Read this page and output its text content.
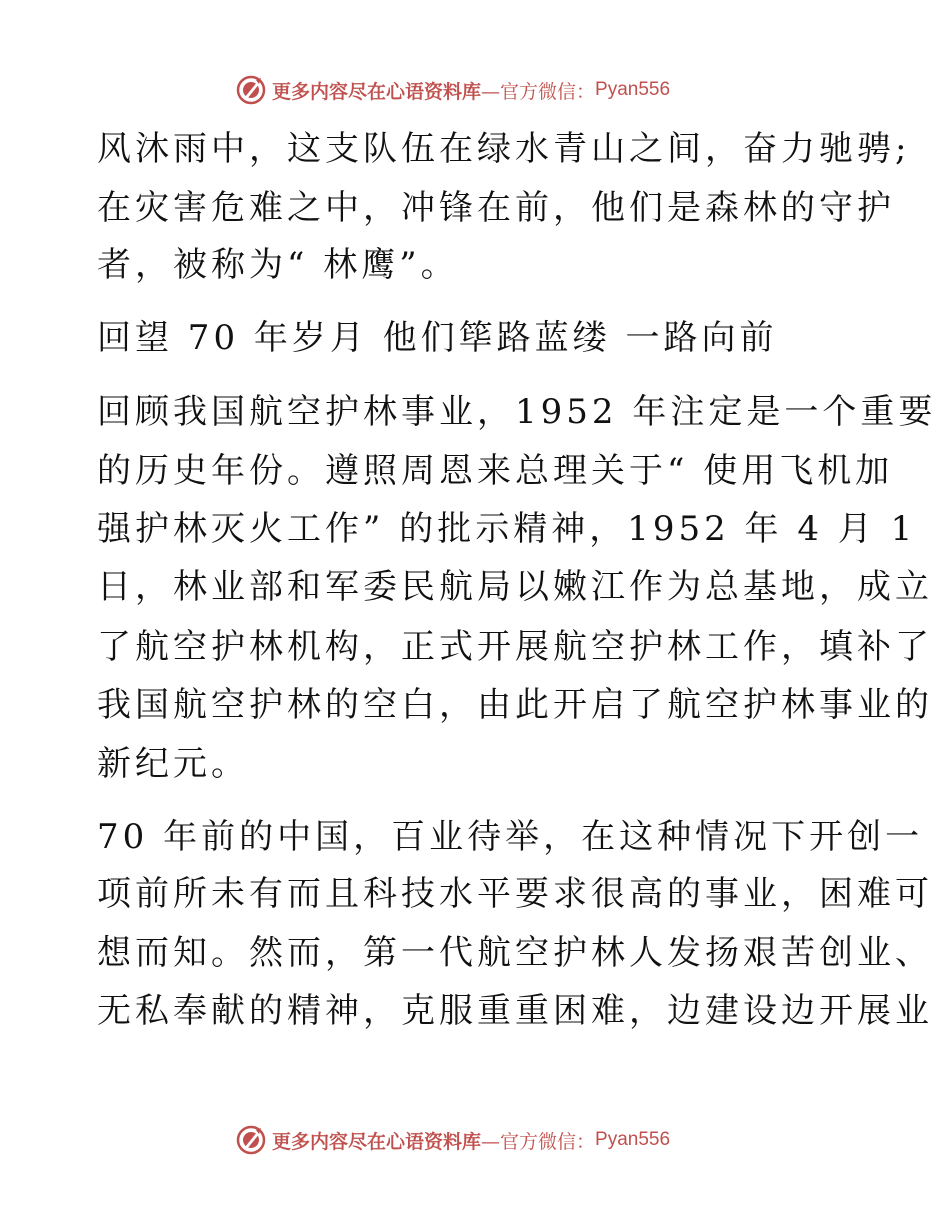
更多内容尽在心语资料库 —官方微信： Pyan556
风沐雨中，这支队伍在绿水青山之间，奋力驰骋;
在灾害危难之中，冲锋在前，他们是森林的守护
者，被称为“ 林鹰”。
回望 70 年岁月 他们筚路蓝缕 一路向前
回顾我国航空护林事业，1952 年注定是一个重要
的历史年份。遵照周恩来总理关于“ 使用飞机加
强护林灭火工作” 的批示精神，1952 年 4 月 1
日，林业部和军委民航局以嫩江作为总基地，成立
了航空护林机构，正式开展航空护林工作，填补了
我国航空护林的空白，由此开启了航空护林事业的
新纪元。
70 年前的中国，百业待举，在这种情况下开创一
项前所未有而且科技水平要求很高的事业，困难可
想而知。然而，第一代航空护林人发扬艰苦创业、
无私奉献的精神，克服重重困难，边建设边开展业
更多内容尽在心语资料库 —官方微信： Pyan556
